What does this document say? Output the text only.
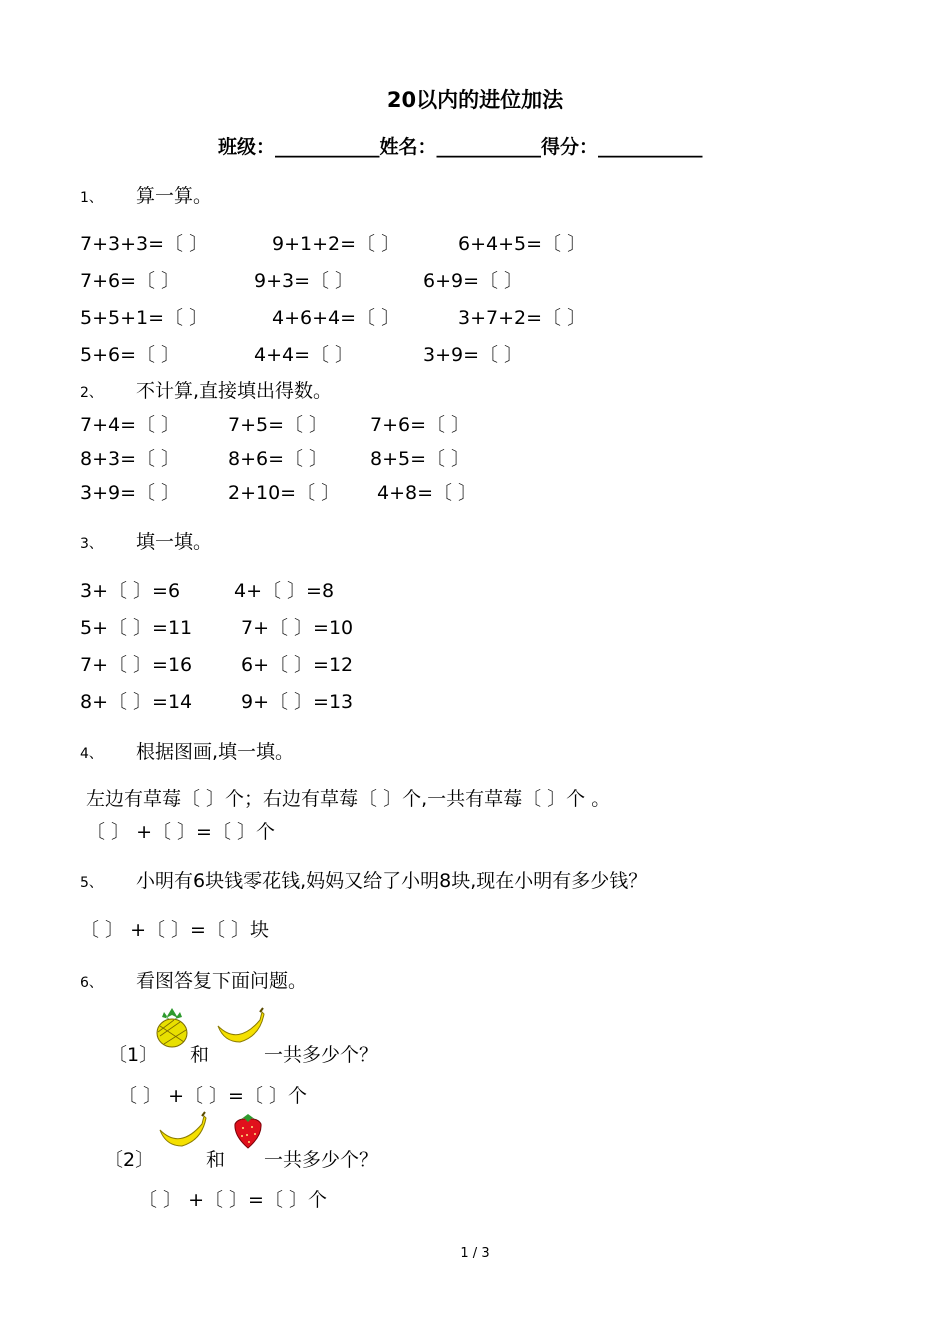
20以内的进位加法
班级：___________姓名：___________得分：___________
1、 算一算。
7+3+3=〔 〕	9+1+2=〔 〕	6+4+5=〔 〕
7+6=〔 〕	9+3=〔 〕	6+9=〔 〕
5+5+1=〔 〕	4+6+4=〔 〕	3+7+2=〔 〕
5+6=〔 〕	4+4=〔 〕	3+9=〔 〕
2、 不计算,直接填出得数。
7+4=〔 〕	7+5=〔 〕 7+6=〔 〕
8+3=〔 〕	8+6=〔 〕 8+5=〔 〕
3+9=〔 〕	2+10=〔 〕 4+8=〔 〕
3、 填一填。
3+〔 〕=6	4+〔 〕=8
5+〔 〕=11	7+〔 〕=10
7+〔 〕=16	6+〔 〕=12
8+〔 〕=14	9+〔 〕=13
4、 根据图画,填一填。
左边有草莓〔 〕个；右边有草莓〔 〕个,一共有草莓〔 〕个 。
〔 〕 +〔 〕=〔 〕个
5、 小明有6块钱零花钱,妈妈又给了小明8块,现在小明有多少钱？
〔 〕 +〔 〕=〔 〕块
6、 看图答复下面问题。
〔1〕 和	一共多少个？
〔 〕 +〔 〕=〔 〕个
〔2〕	和 一共多少个？
〔 〕 +〔 〕=〔 〕个
1 / 3
